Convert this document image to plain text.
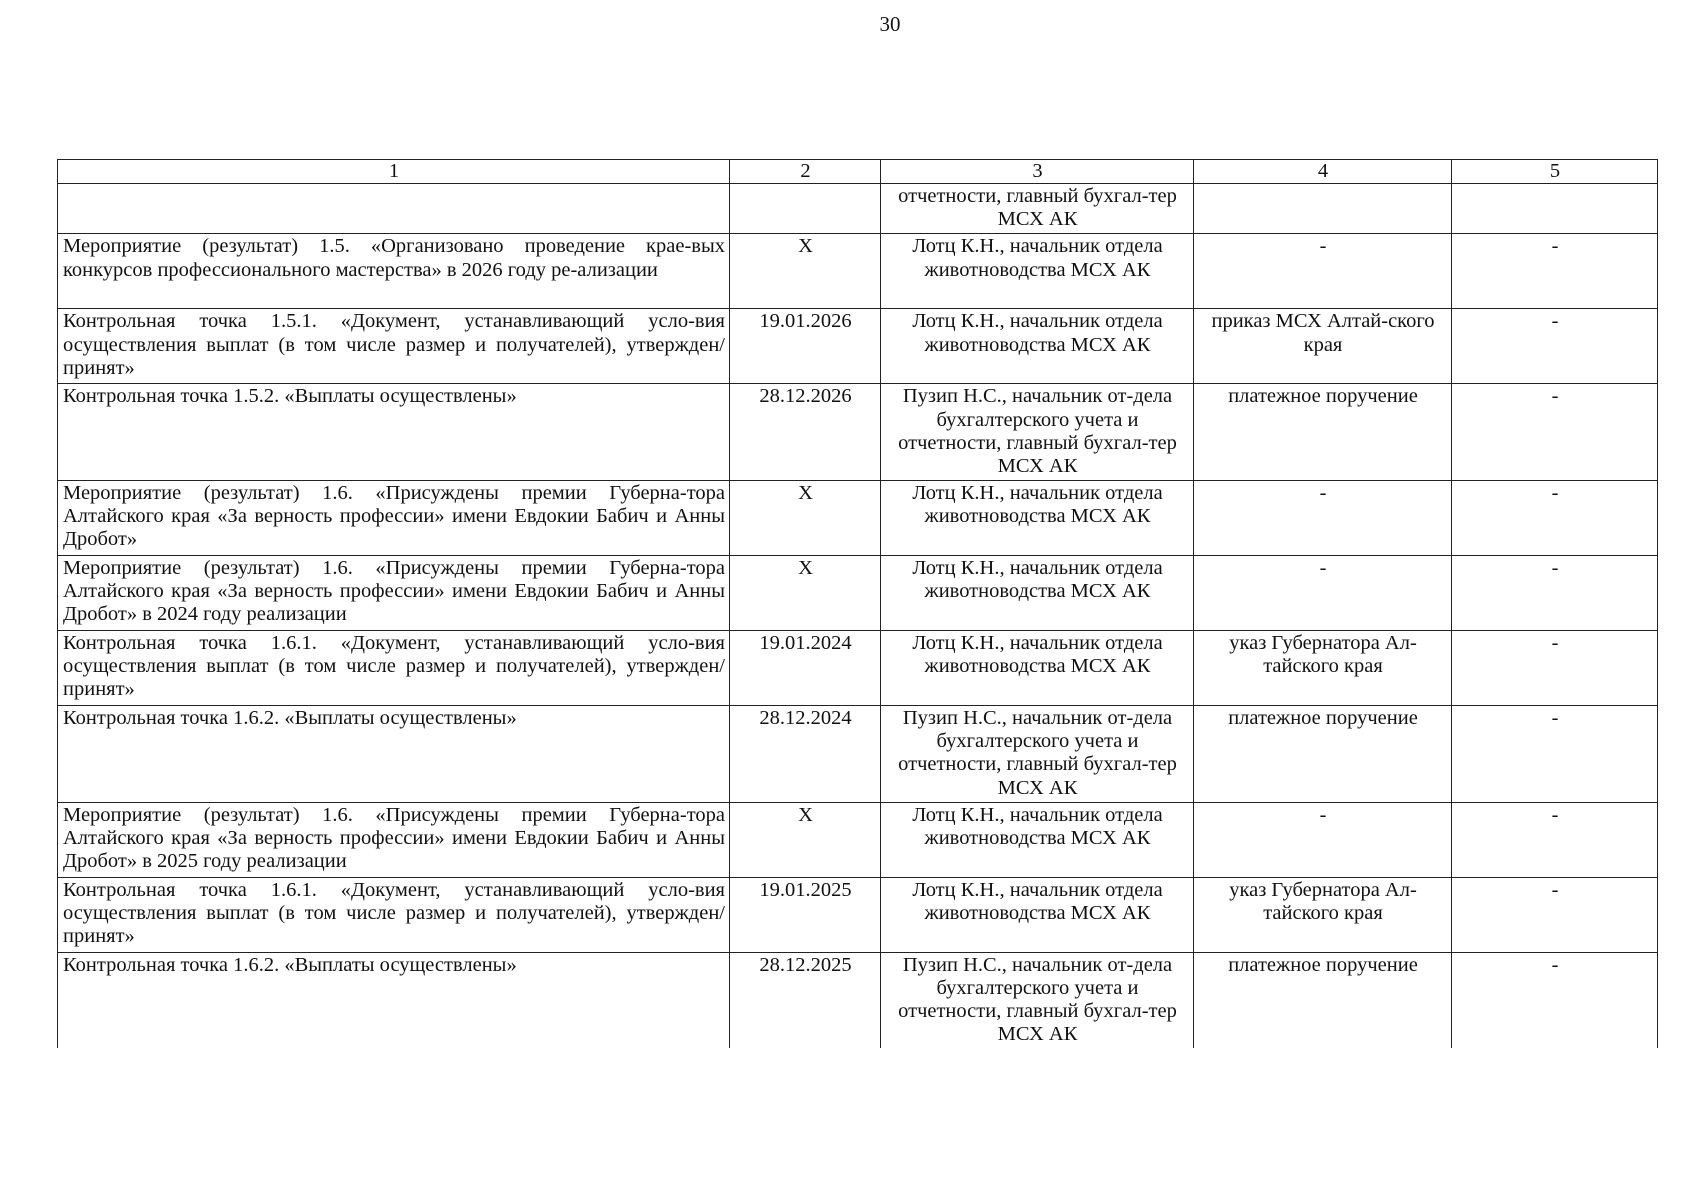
30
1	2	3	4	5
		отчетности, главный бухгал-тер МСХ АК		
Мероприятие (результат) 1.5. «Организовано проведение крае-вых конкурсов профессионального мастерства» в 2026 году ре-ализации	X	Лотц К.Н., начальник отдела животноводства МСХ АК	-	-
Контрольная точка 1.5.1. «Документ, устанавливающий усло-вия осуществления выплат (в том числе размер и получателей), утвержден/принят»	19.01.2026	Лотц К.Н., начальник отдела животноводства МСХ АК	приказ МСХ Алтай-ского края	-
Контрольная точка 1.5.2. «Выплаты осуществлены»	28.12.2026	Пузип Н.С., начальник от-дела бухгалтерского учета и отчетности, главный бухгал-тер МСХ АК	платежное поручение	-
Мероприятие (результат) 1.6. «Присуждены премии Губерна-тора Алтайского края «За верность профессии» имени Евдокии Бабич и Анны Дробот»	X	Лотц К.Н., начальник отдела животноводства МСХ АК	-	-
Мероприятие (результат) 1.6. «Присуждены премии Губерна-тора Алтайского края «За верность профессии» имени Евдокии Бабич и Анны Дробот» в 2024 году реализации	X	Лотц К.Н., начальник отдела животноводства МСХ АК	-	-
Контрольная точка 1.6.1. «Документ, устанавливающий усло-вия осуществления выплат (в том числе размер и получателей), утвержден/принят»	19.01.2024	Лотц К.Н., начальник отдела животноводства МСХ АК	указ Губернатора Ал-тайского края	-
Контрольная точка 1.6.2. «Выплаты осуществлены»	28.12.2024	Пузип Н.С., начальник от-дела бухгалтерского учета и отчетности, главный бухгал-тер МСХ АК	платежное поручение	-
Мероприятие (результат) 1.6. «Присуждены премии Губерна-тора Алтайского края «За верность профессии» имени Евдокии Бабич и Анны Дробот» в 2025 году реализации	X	Лотц К.Н., начальник отдела животноводства МСХ АК	-	-
Контрольная точка 1.6.1. «Документ, устанавливающий усло-вия осуществления выплат (в том числе размер и получателей), утвержден/принят»	19.01.2025	Лотц К.Н., начальник отдела животноводства МСХ АК	указ Губернатора Ал-тайского края	-
Контрольная точка 1.6.2. «Выплаты осуществлены»	28.12.2025	Пузип Н.С., начальник от-дела бухгалтерского учета и отчетности, главный бухгал-тер МСХ АК	платежное поручение	-
